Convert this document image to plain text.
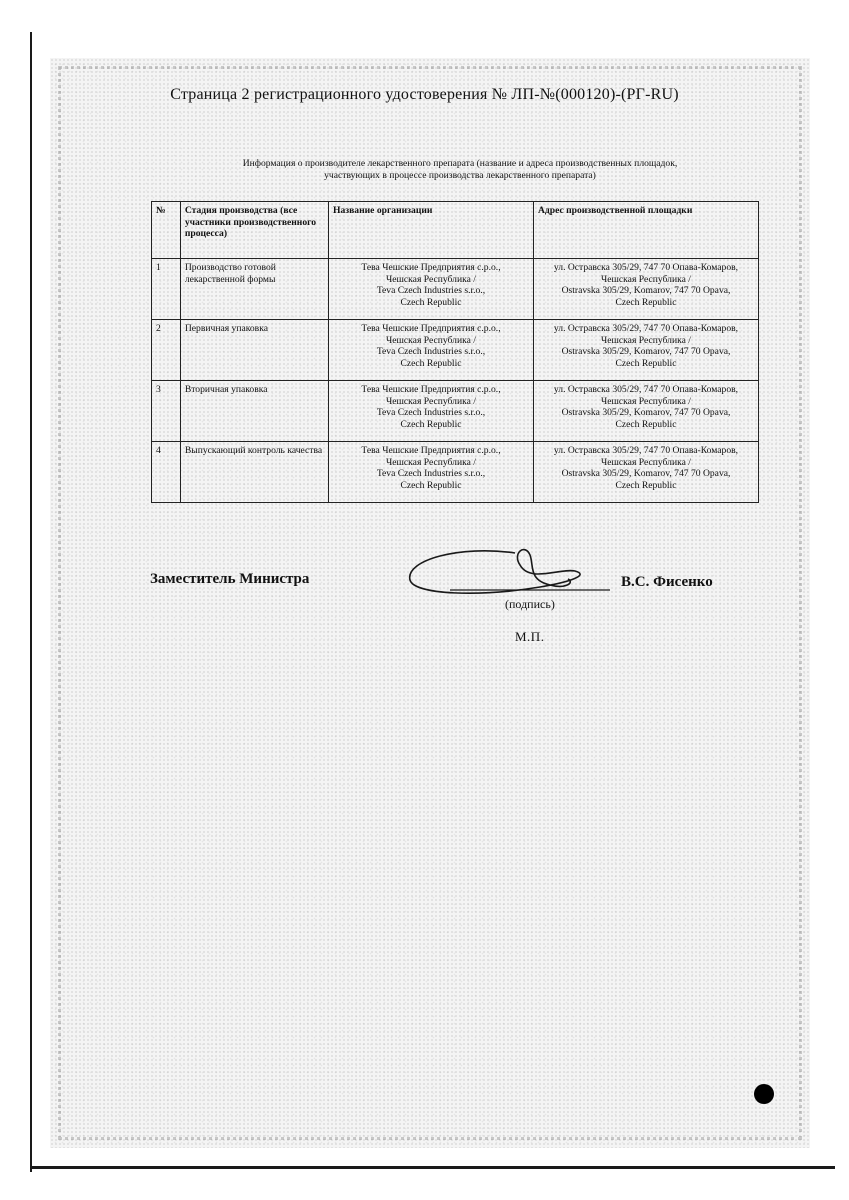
Страница 2 регистрационного удостоверения № ЛП-№(000120)-(РГ-RU)
Информация о производителе лекарственного препарата (название и адреса производственных площадок,
участвующих в процессе производства лекарственного препарата)
№	Стадия производства (все участники производственного процесса)	Название организации	Адрес производственной площадки
1	Производство готовой лекарственной формы	Тева Чешские Предприятия с.р.о.,
Чешская Республика /
Teva Czech Industries s.r.o.,
Czech Republic	ул. Остравска 305/29, 747 70 Опава-Комаров,
Чешская Республика /
Ostravska 305/29, Komarov, 747 70 Opava,
Czech Republic

2	Первичная упаковка	Тева Чешские Предприятия с.р.о.,
Чешская Республика /
Teva Czech Industries s.r.o.,
Czech Republic	ул. Остравска 305/29, 747 70 Опава-Комаров,
Чешская Республика /
Ostravska 305/29, Komarov, 747 70 Opava,
Czech Republic

3	Вторичная упаковка	Тева Чешские Предприятия с.р.о.,
Чешская Республика /
Teva Czech Industries s.r.o.,
Czech Republic	ул. Остравска 305/29, 747 70 Опава-Комаров,
Чешская Республика /
Ostravska 305/29, Komarov, 747 70 Opava,
Czech Republic

4	Выпускающий контроль качества	Тева Чешские Предприятия с.р.о.,
Чешская Республика /
Teva Czech Industries s.r.o.,
Czech Republic	ул. Остравска 305/29, 747 70 Опава-Комаров,
Чешская Республика /
Ostravska 305/29, Komarov, 747 70 Opava,
Czech Republic
Заместитель Министра	В.С. Фисенко
(подпись)
М.П.
